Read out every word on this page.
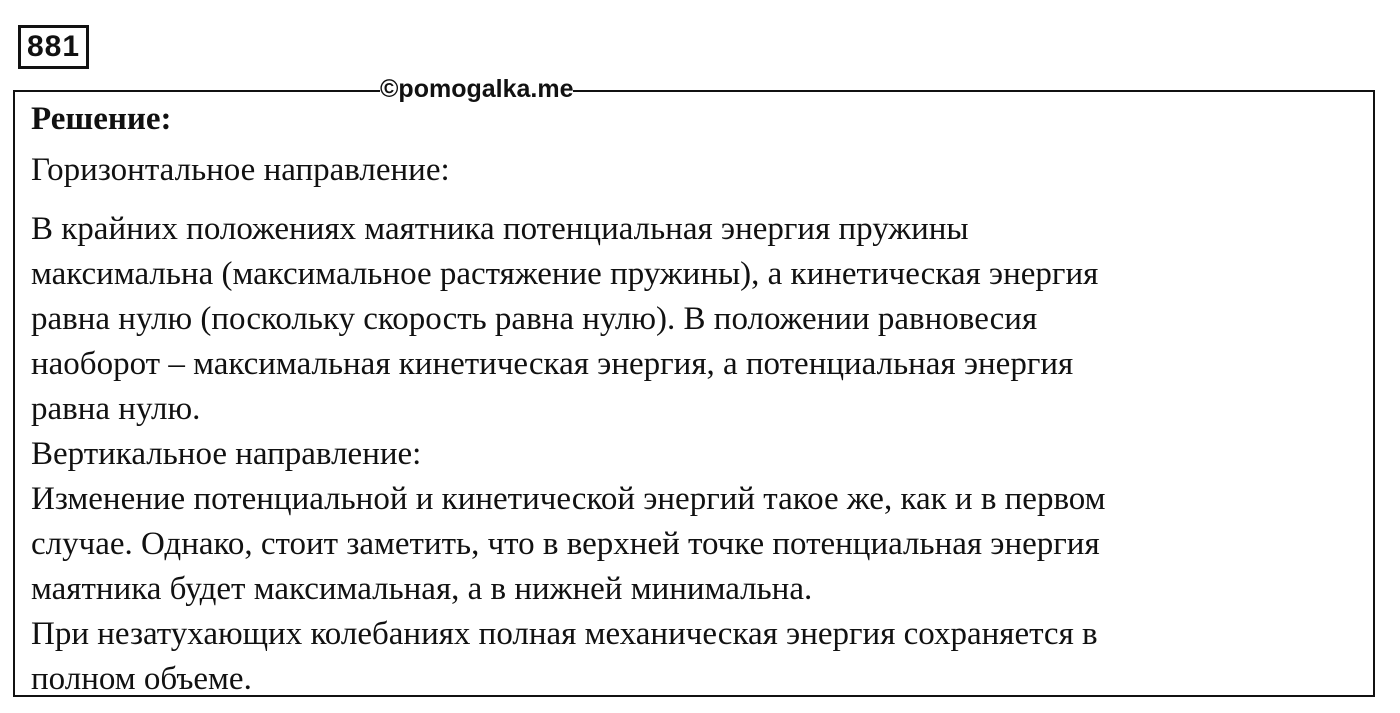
881
©pomogalka.me

Решение:

Горизонтальное направление:

В крайних положениях маятника потенциальная энергия пружины

максимальна (максимальное растяжение пружины), а кинетическая энергия

равна нулю (поскольку скорость равна нулю). В положении равновесия

наоборот – максимальная кинетическая энергия, а потенциальная энергия

равна нулю.

Вертикальное направление:

Изменение потенциальной и кинетической энергий такое же, как и в первом

случае. Однако, стоит заметить, что в верхней точке потенциальная энергия

маятника будет максимальная, а в нижней минимальна.

При незатухающих колебаниях полная механическая энергия сохраняется в

полном объеме.
